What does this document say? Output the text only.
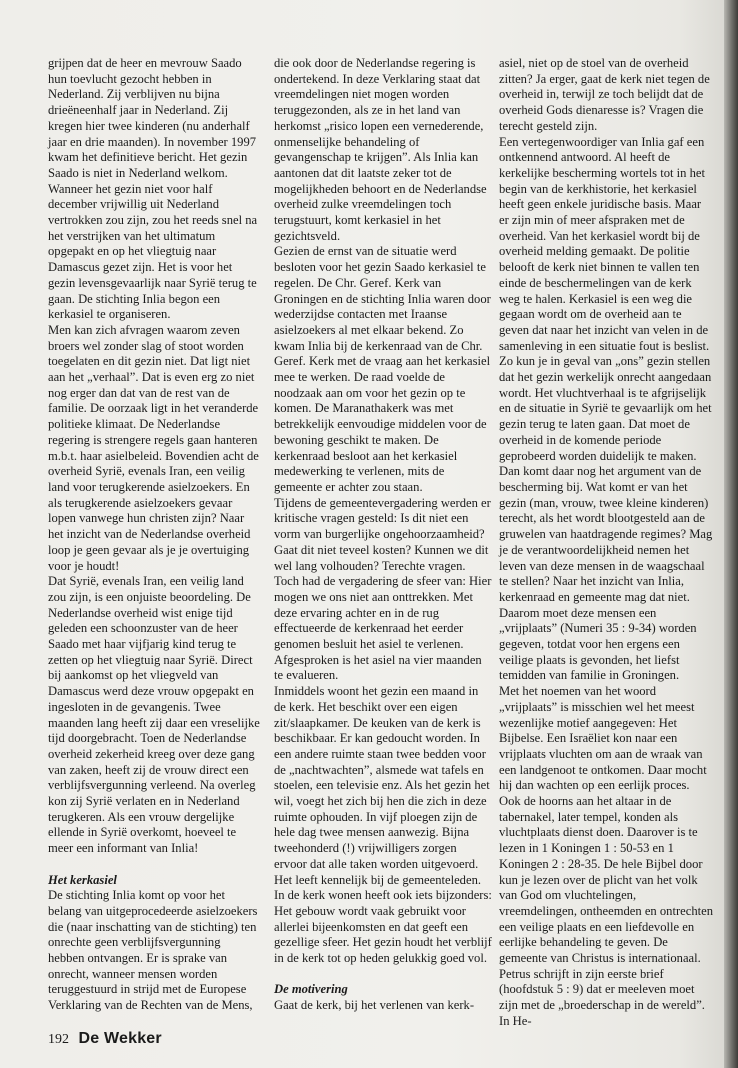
grijpen dat de heer en mevrouw Saado hun toevlucht gezocht hebben in Nederland. Zij verblijven nu bijna drieëneenhalf jaar in Nederland. Zij kregen hier twee kinderen (nu anderhalf jaar en drie maanden). In november 1997 kwam het definitieve bericht. Het gezin Saado is niet in Nederland welkom. Wanneer het gezin niet voor half december vrijwillig uit Nederland vertrokken zou zijn, zou het reeds snel na het verstrijken van het ultimatum opgepakt en op het vliegtuig naar Damascus gezet zijn. Het is voor het gezin levensgevaarlijk naar Syrië terug te gaan. De stichting Inlia begon een kerkasiel te organiseren.

Men kan zich afvragen waarom zeven broers wel zonder slag of stoot worden toegelaten en dit gezin niet. Dat ligt niet aan het „verhaal”. Dat is even erg zo niet nog erger dan dat van de rest van de familie. De oorzaak ligt in het veranderde politieke klimaat. De Nederlandse regering is strengere regels gaan hanteren m.b.t. haar asielbeleid. Bovendien acht de overheid Syrië, evenals Iran, een veilig land voor terugkerende asielzoekers. En als terugkerende asielzoekers gevaar lopen vanwege hun christen zijn? Naar het inzicht van de Nederlandse overheid loop je geen gevaar als je je overtuiging voor je houdt!

Dat Syrië, evenals Iran, een veilig land zou zijn, is een onjuiste beoordeling. De Nederlandse overheid wist enige tijd geleden een schoonzuster van de heer Saado met haar vijfjarig kind terug te zetten op het vliegtuig naar Syrië. Direct bij aankomst op het vliegveld van Damascus werd deze vrouw opgepakt en ingesloten in de gevangenis. Twee maanden lang heeft zij daar een vreselijke tijd doorgebracht. Toen de Nederlandse overheid zekerheid kreeg over deze gang van zaken, heeft zij de vrouw direct een verblijfsvergunning verleend. Na overleg kon zij Syrië verlaten en in Nederland terugkeren. Als een vrouw dergelijke ellende in Syrië overkomt, hoeveel te meer een informant van Inlia!

Het kerkasiel

De stichting Inlia komt op voor het belang van uitgeprocedeerde asielzoekers die (naar inschatting van de stichting) ten onrechte geen verblijfsvergunning hebben ontvangen. Er is sprake van onrecht, wanneer mensen worden teruggestuurd in strijd met de Europese Verklaring van de Rechten van de Mens,

die ook door de Nederlandse regering is ondertekend. In deze Verklaring staat dat vreemdelingen niet mogen worden teruggezonden, als ze in het land van herkomst „risico lopen een vernederende, onmenselijke behandeling of gevangenschap te krijgen”. Als Inlia kan aantonen dat dit laatste zeker tot de mogelijkheden behoort en de Nederlandse overheid zulke vreemdelingen toch terugstuurt, komt kerkasiel in het gezichtsveld.

Gezien de ernst van de situatie werd besloten voor het gezin Saado kerkasiel te regelen. De Chr. Geref. Kerk van Groningen en de stichting Inlia waren door wederzijdse contacten met Iraanse asielzoekers al met elkaar bekend. Zo kwam Inlia bij de kerkenraad van de Chr. Geref. Kerk met de vraag aan het kerkasiel mee te werken. De raad voelde de noodzaak aan om voor het gezin op te komen. De Maranathakerk was met betrekkelijk eenvoudige middelen voor de bewoning geschikt te maken. De kerkenraad besloot aan het kerkasiel medewerking te verlenen, mits de gemeente er achter zou staan.

Tijdens de gemeentevergadering werden er kritische vragen gesteld: Is dit niet een vorm van burgerlijke ongehoorzaamheid? Gaat dit niet teveel kosten? Kunnen we dit wel lang volhouden? Terechte vragen. Toch had de vergadering de sfeer van: Hier mogen we ons niet aan onttrekken. Met deze ervaring achter en in de rug effectueerde de kerkenraad het eerder genomen besluit het asiel te verlenen. Afgesproken is het asiel na vier maanden te evalueren.

Inmiddels woont het gezin een maand in de kerk. Het beschikt over een eigen zit/slaapkamer. De keuken van de kerk is beschikbaar. Er kan gedoucht worden. In een andere ruimte staan twee bedden voor de „nachtwachten”, alsmede wat tafels en stoelen, een televisie enz. Als het gezin het wil, voegt het zich bij hen die zich in deze ruimte ophouden. In vijf ploegen zijn de hele dag twee mensen aanwezig. Bijna tweehonderd (!) vrijwilligers zorgen ervoor dat alle taken worden uitgevoerd. Het leeft kennelijk bij de gemeenteleden. In de kerk wonen heeft ook iets bijzonders: Het gebouw wordt vaak gebruikt voor allerlei bijeenkomsten en dat geeft een gezellige sfeer. Het gezin houdt het verblijf in de kerk tot op heden gelukkig goed vol.

De motivering

Gaat de kerk, bij het verlenen van kerk-

asiel, niet op de stoel van de overheid zitten? Ja erger, gaat de kerk niet tegen de overheid in, terwijl ze toch belijdt dat de overheid Gods dienaresse is? Vragen die terecht gesteld zijn.

Een vertegenwoordiger van Inlia gaf een ontkennend antwoord. Al heeft de kerkelijke bescherming wortels tot in het begin van de kerkhistorie, het kerkasiel heeft geen enkele juridische basis. Maar er zijn min of meer afspraken met de overheid. Van het kerkasiel wordt bij de overheid melding gemaakt. De politie belooft de kerk niet binnen te vallen ten einde de beschermelingen van de kerk weg te halen. Kerkasiel is een weg die gegaan wordt om de overheid aan te geven dat naar het inzicht van velen in de samenleving in een situatie fout is beslist.

Zo kun je in geval van „ons” gezin stellen dat het gezin werkelijk onrecht aangedaan wordt. Het vluchtverhaal is te afgrijselijk en de situatie in Syrië te gevaarlijk om het gezin terug te laten gaan. Dat moet de overheid in de komende periode geprobeerd worden duidelijk te maken. Dan komt daar nog het argument van de bescherming bij. Wat komt er van het gezin (man, vrouw, twee kleine kinderen) terecht, als het wordt blootgesteld aan de gruwelen van haatdragende regimes? Mag je de verantwoordelijkheid nemen het leven van deze mensen in de waagschaal te stellen? Naar het inzicht van Inlia, kerkenraad en gemeente mag dat niet. Daarom moet deze mensen een „vrijplaats” (Numeri 35 : 9-34) worden gegeven, totdat voor hen ergens een veilige plaats is gevonden, het liefst temidden van familie in Groningen.

Met het noemen van het woord „vrijplaats” is misschien wel het meest wezenlijke motief aangegeven: Het Bijbelse. Een Israëliet kon naar een vrijplaats vluchten om aan de wraak van een landgenoot te ontkomen. Daar mocht hij dan wachten op een eerlijk proces. Ook de hoorns aan het altaar in de tabernakel, later tempel, konden als vluchtplaats dienst doen. Daarover is te lezen in 1 Koningen 1 : 50-53 en 1 Koningen 2 : 28-35. De hele Bijbel door kun je lezen over de plicht van het volk van God om vluchtelingen, vreemdelingen, ontheemden en ontrechten een veilige plaats en een liefdevolle en eerlijke behandeling te geven. De gemeente van Christus is internationaal. Petrus schrijft in zijn eerste brief (hoofdstuk 5 : 9) dat er meeleven moet zijn met de „broederschap in de wereld”. In He-

192 De Wekker
